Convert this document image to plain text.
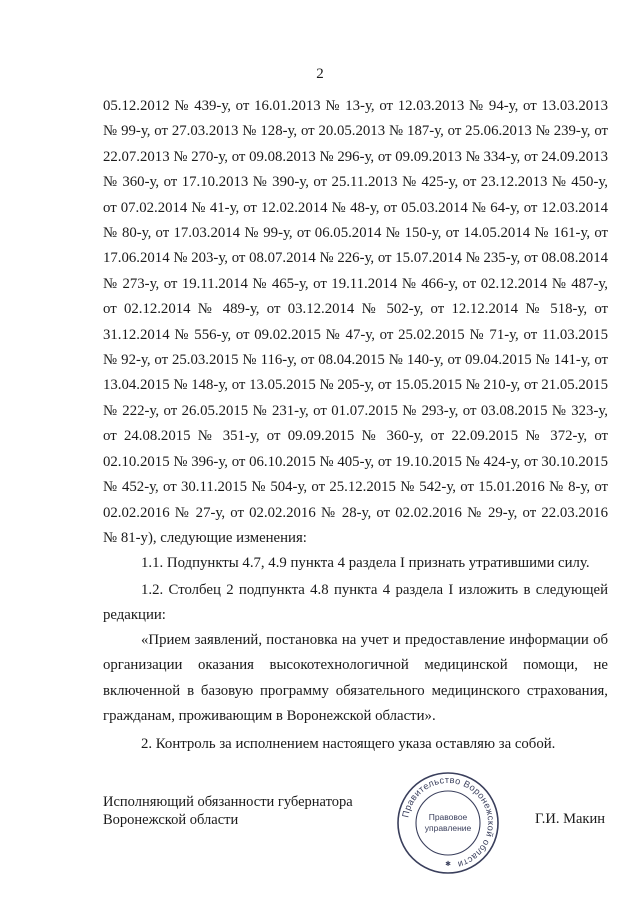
2
05.12.2012 № 439-у, от 16.01.2013 № 13-у, от 12.03.2013 № 94-у, от 13.03.2013
№ 99-у, от 27.03.2013 № 128-у, от 20.05.2013 № 187-у, от 25.06.2013 № 239-у, от
22.07.2013 № 270-у, от 09.08.2013 № 296-у, от 09.09.2013 № 334-у, от 24.09.2013
№ 360-у, от 17.10.2013 № 390-у, от 25.11.2013 № 425-у, от 23.12.2013 № 450-у,
от 07.02.2014 № 41-у, от 12.02.2014 № 48-у, от 05.03.2014 № 64-у, от 12.03.2014
№ 80-у, от 17.03.2014 № 99-у, от 06.05.2014 № 150-у, от 14.05.2014 № 161-у, от
17.06.2014 № 203-у, от 08.07.2014 № 226-у, от 15.07.2014 № 235-у, от 08.08.2014
№ 273-у, от 19.11.2014 № 465-у, от 19.11.2014 № 466-у, от 02.12.2014 № 487-у,
от 02.12.2014 № 489-у, от 03.12.2014 № 502-у, от 12.12.2014 № 518-у, от
31.12.2014 № 556-у, от 09.02.2015 № 47-у, от 25.02.2015 № 71-у, от 11.03.2015
№ 92-у, от 25.03.2015 № 116-у, от 08.04.2015 № 140-у, от 09.04.2015 № 141-у, от
13.04.2015 № 148-у, от 13.05.2015 № 205-у, от 15.05.2015 № 210-у, от 21.05.2015
№ 222-у, от 26.05.2015 № 231-у, от 01.07.2015 № 293-у, от 03.08.2015 № 323-у,
от 24.08.2015 № 351-у, от 09.09.2015 № 360-у, от 22.09.2015 № 372-у, от
02.10.2015 № 396-у, от 06.10.2015 № 405-у, от 19.10.2015 № 424-у, от 30.10.2015
№ 452-у, от 30.11.2015 № 504-у, от 25.12.2015 № 542-у, от 15.01.2016 № 8-у, от
02.02.2016 № 27-у, от 02.02.2016 № 28-у, от 02.02.2016 № 29-у, от 22.03.2016
№ 81-у), следующие изменения:
1.1. Подпункты 4.7, 4.9 пункта 4 раздела I признать утратившими силу.
1.2. Столбец 2 подпункта 4.8 пункта 4 раздела I изложить в следующей
редакции:
«Прием заявлений, постановка на учет и предоставление информации об
организации оказания высокотехнологичной медицинской помощи, не
включенной в базовую программу обязательного медицинского страхования,
гражданам, проживающим в Воронежской области».
2. Контроль за исполнением настоящего указа оставляю за собой.
Исполняющий обязанности губернатора
Воронежской области	Г.И. Макин
Правительство Воронежской области
Правовое
управление
✱
